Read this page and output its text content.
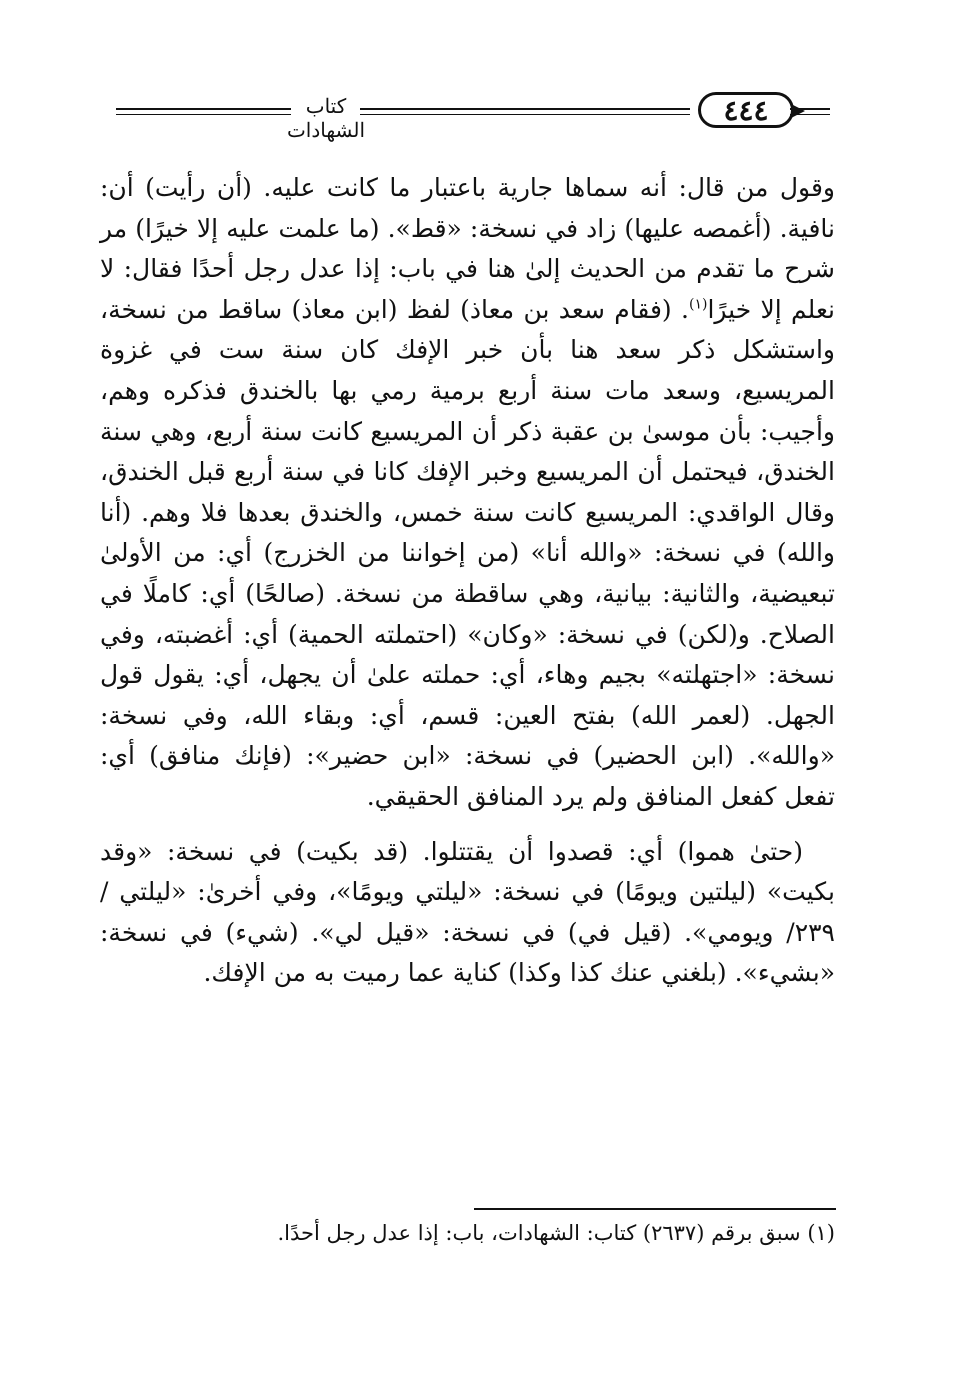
كتاب الشهادات
٤٤٤

وقول من قال: أنه سماها جارية باعتبار ما كانت عليه. (أن رأيت) أن: نافية. (أغمصه عليها) زاد في نسخة: «قط». (ما علمت عليه إلا خيرًا) مر شرح ما تقدم من الحديث إلىٰ هنا في باب: إذا عدل رجل أحدًا فقال: لا نعلم إلا خيرًا$^{(١)}$. (فقام سعد بن معاذ) لفظ (ابن معاذ) ساقط من نسخة، واستشكل ذكر سعد هنا بأن خبر الإفك كان سنة ست في غزوة المريسيع، وسعد مات سنة أربع برمية رمي بها بالخندق فذكره وهم، وأجيب: بأن موسىٰ بن عقبة ذكر أن المريسيع كانت سنة أربع، وهي سنة الخندق، فيحتمل أن المريسيع وخبر الإفك كانا في سنة أربع قبل الخندق، وقال الواقدي: المريسيع كانت سنة خمس، والخندق بعدها فلا وهم. (أنا والله) في نسخة: «والله أنا» (من إخواننا من الخزرج) أي: من الأولىٰ تبعيضية، والثانية: بيانية، وهي ساقطة من نسخة. (صالحًا) أي: كاملًا في الصلاح. و(لكن) في نسخة: «وكان» (احتملته الحمية) أي: أغضبته، وفي نسخة: «اجتهلته» بجيم وهاء، أي: حملته علىٰ أن يجهل، أي: يقول قول الجهل. (لعمر الله) بفتح العين: قسم، أي: وبقاء الله، وفي نسخة: «والله». (ابن الحضير) في نسخة: «ابن حضير»: (فإنك منافق) أي: تفعل كفعل المنافق ولم يرد المنافق الحقيقي.

(حتىٰ هموا) أي: قصدوا أن يقتتلوا. (قد بكيت) في نسخة: «وقد بكيت» (ليلتين ويومًا) في نسخة: «ليلتي ويومًا»، وفي أخرىٰ: «ليلتي / ٢٣٩/ ويومي». (قيل في) في نسخة: «قيل لي». (شيء) في نسخة: «بشيء». (بلغني عنك كذا وكذا) كناية عما رميت به من الإفك.

(١) سبق برقم (٢٦٣٧) كتاب: الشهادات، باب: إذا عدل رجل أحدًا.
